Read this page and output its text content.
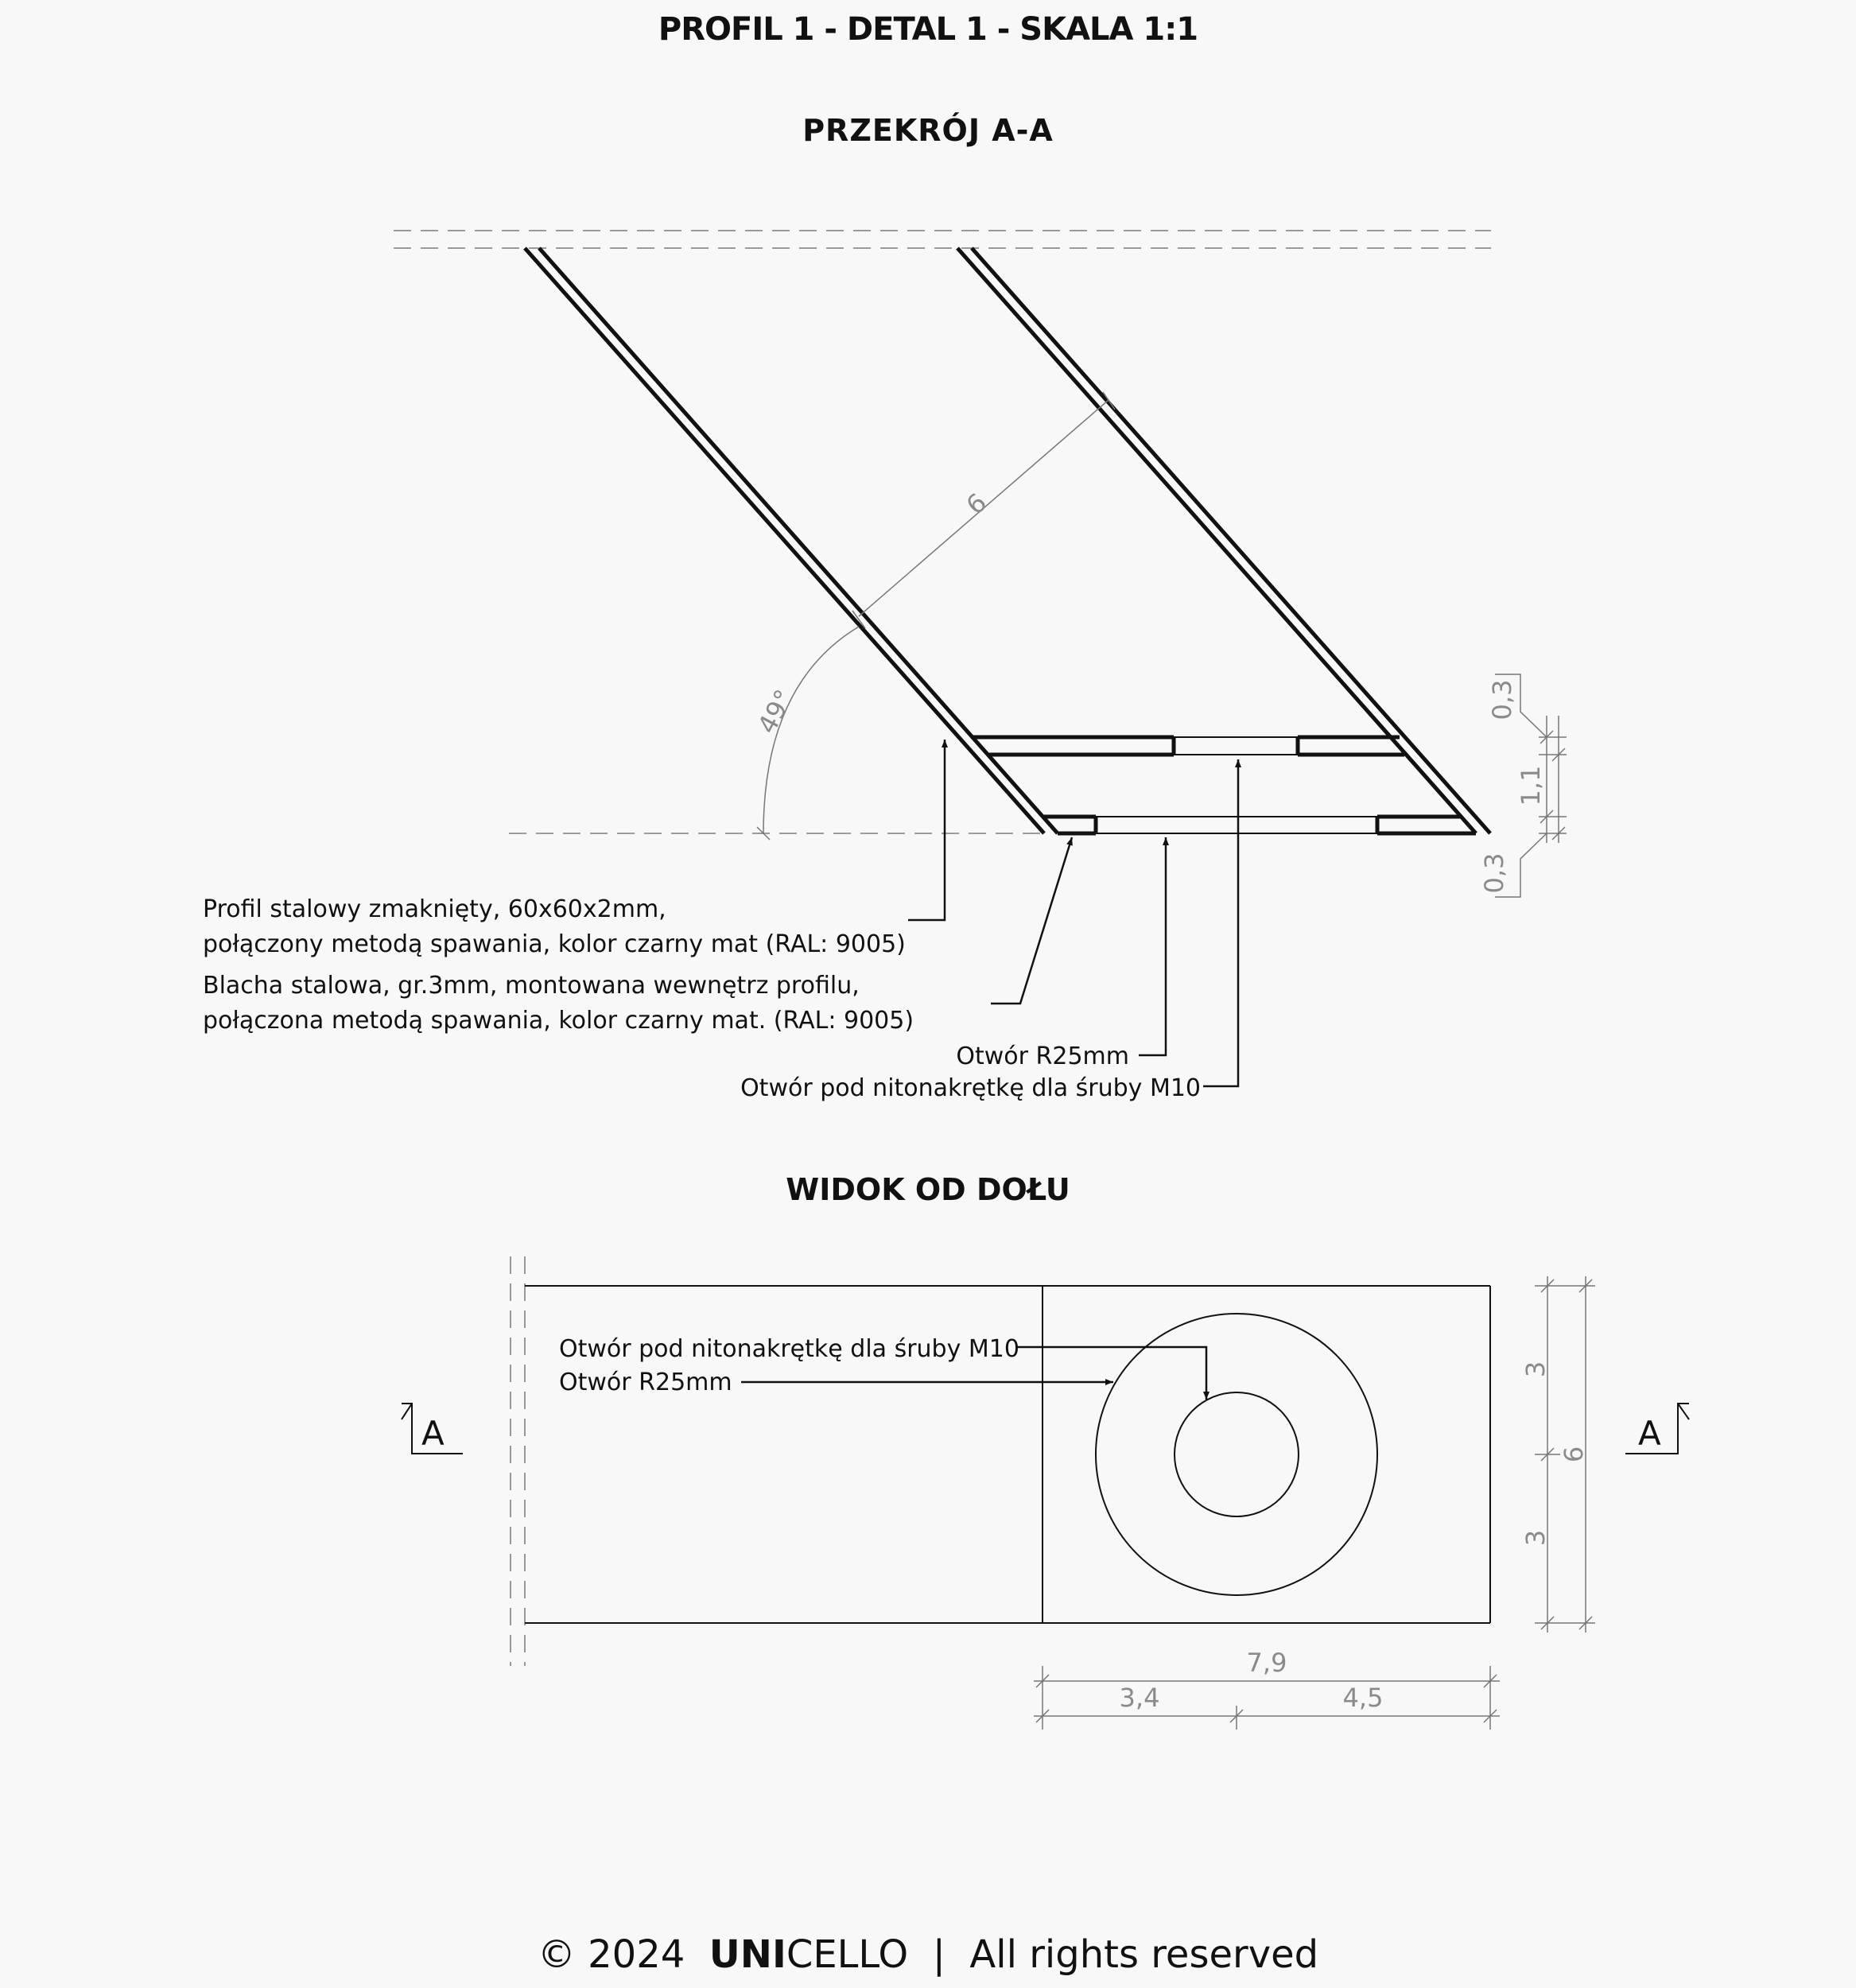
PROFIL 1 - DETAL 1 - SKALA 1:1
PRZEKRÓJ A-A
WIDOK OD DOŁU
6
49°	0,3
1,1
0,3
A	A
3
3
6
7,9
3,4	4,5
Profil stalowy zmaknięty, 60x60x2mm,
połączony metodą spawania, kolor czarny mat (RAL: 9005)
Blacha stalowa, gr.3mm, montowana wewnętrz profilu,
połączona metodą spawania, kolor czarny mat. (RAL: 9005)
Otwór R25mm
Otwór pod nitonakrętkę dla śruby M10
Otwór pod nitonakrętkę dla śruby M10
Otwór R25mm
© 2024 UNICELLO | All rights reserved
